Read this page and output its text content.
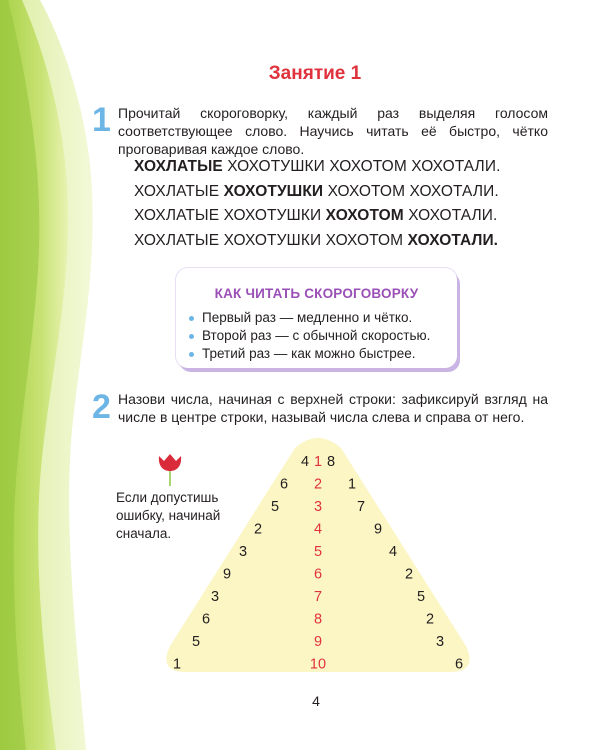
Занятие 1
1 Прочитай скороговорку, каждый раз выделяя голосом соответствующее слово. Научись читать её быстро, чётко проговаривая каждое слово.
ХОХЛАТЫЕ ХОХОТУШКИ ХОХОТОМ ХОХОТАЛИ.
ХОХЛАТЫЕ ХОХОТУШКИ ХОХОТОМ ХОХОТАЛИ.
ХОХЛАТЫЕ ХОХОТУШКИ ХОХОТОМ ХОХОТАЛИ.
ХОХЛАТЫЕ ХОХОТУШКИ ХОХОТОМ ХОХОТАЛИ.
КАК ЧИТАТЬ СКОРОГОВОРКУ
Первый раз — медленно и чётко.
Второй раз — с обычной скоростью.
Третий раз — как можно быстрее.
2 Назови числа, начиная с верхней строки: зафиксируй взгляд на числе в центре строки, называй числа слева и справа от него.
4 1 8
6 2 1
5 3 7
2	4	9
3	5	4
9	6	2
3	7	5
6	8	2
5	9	3
1	10	6
Если допустишь ошибку, начинай сначала.
4
